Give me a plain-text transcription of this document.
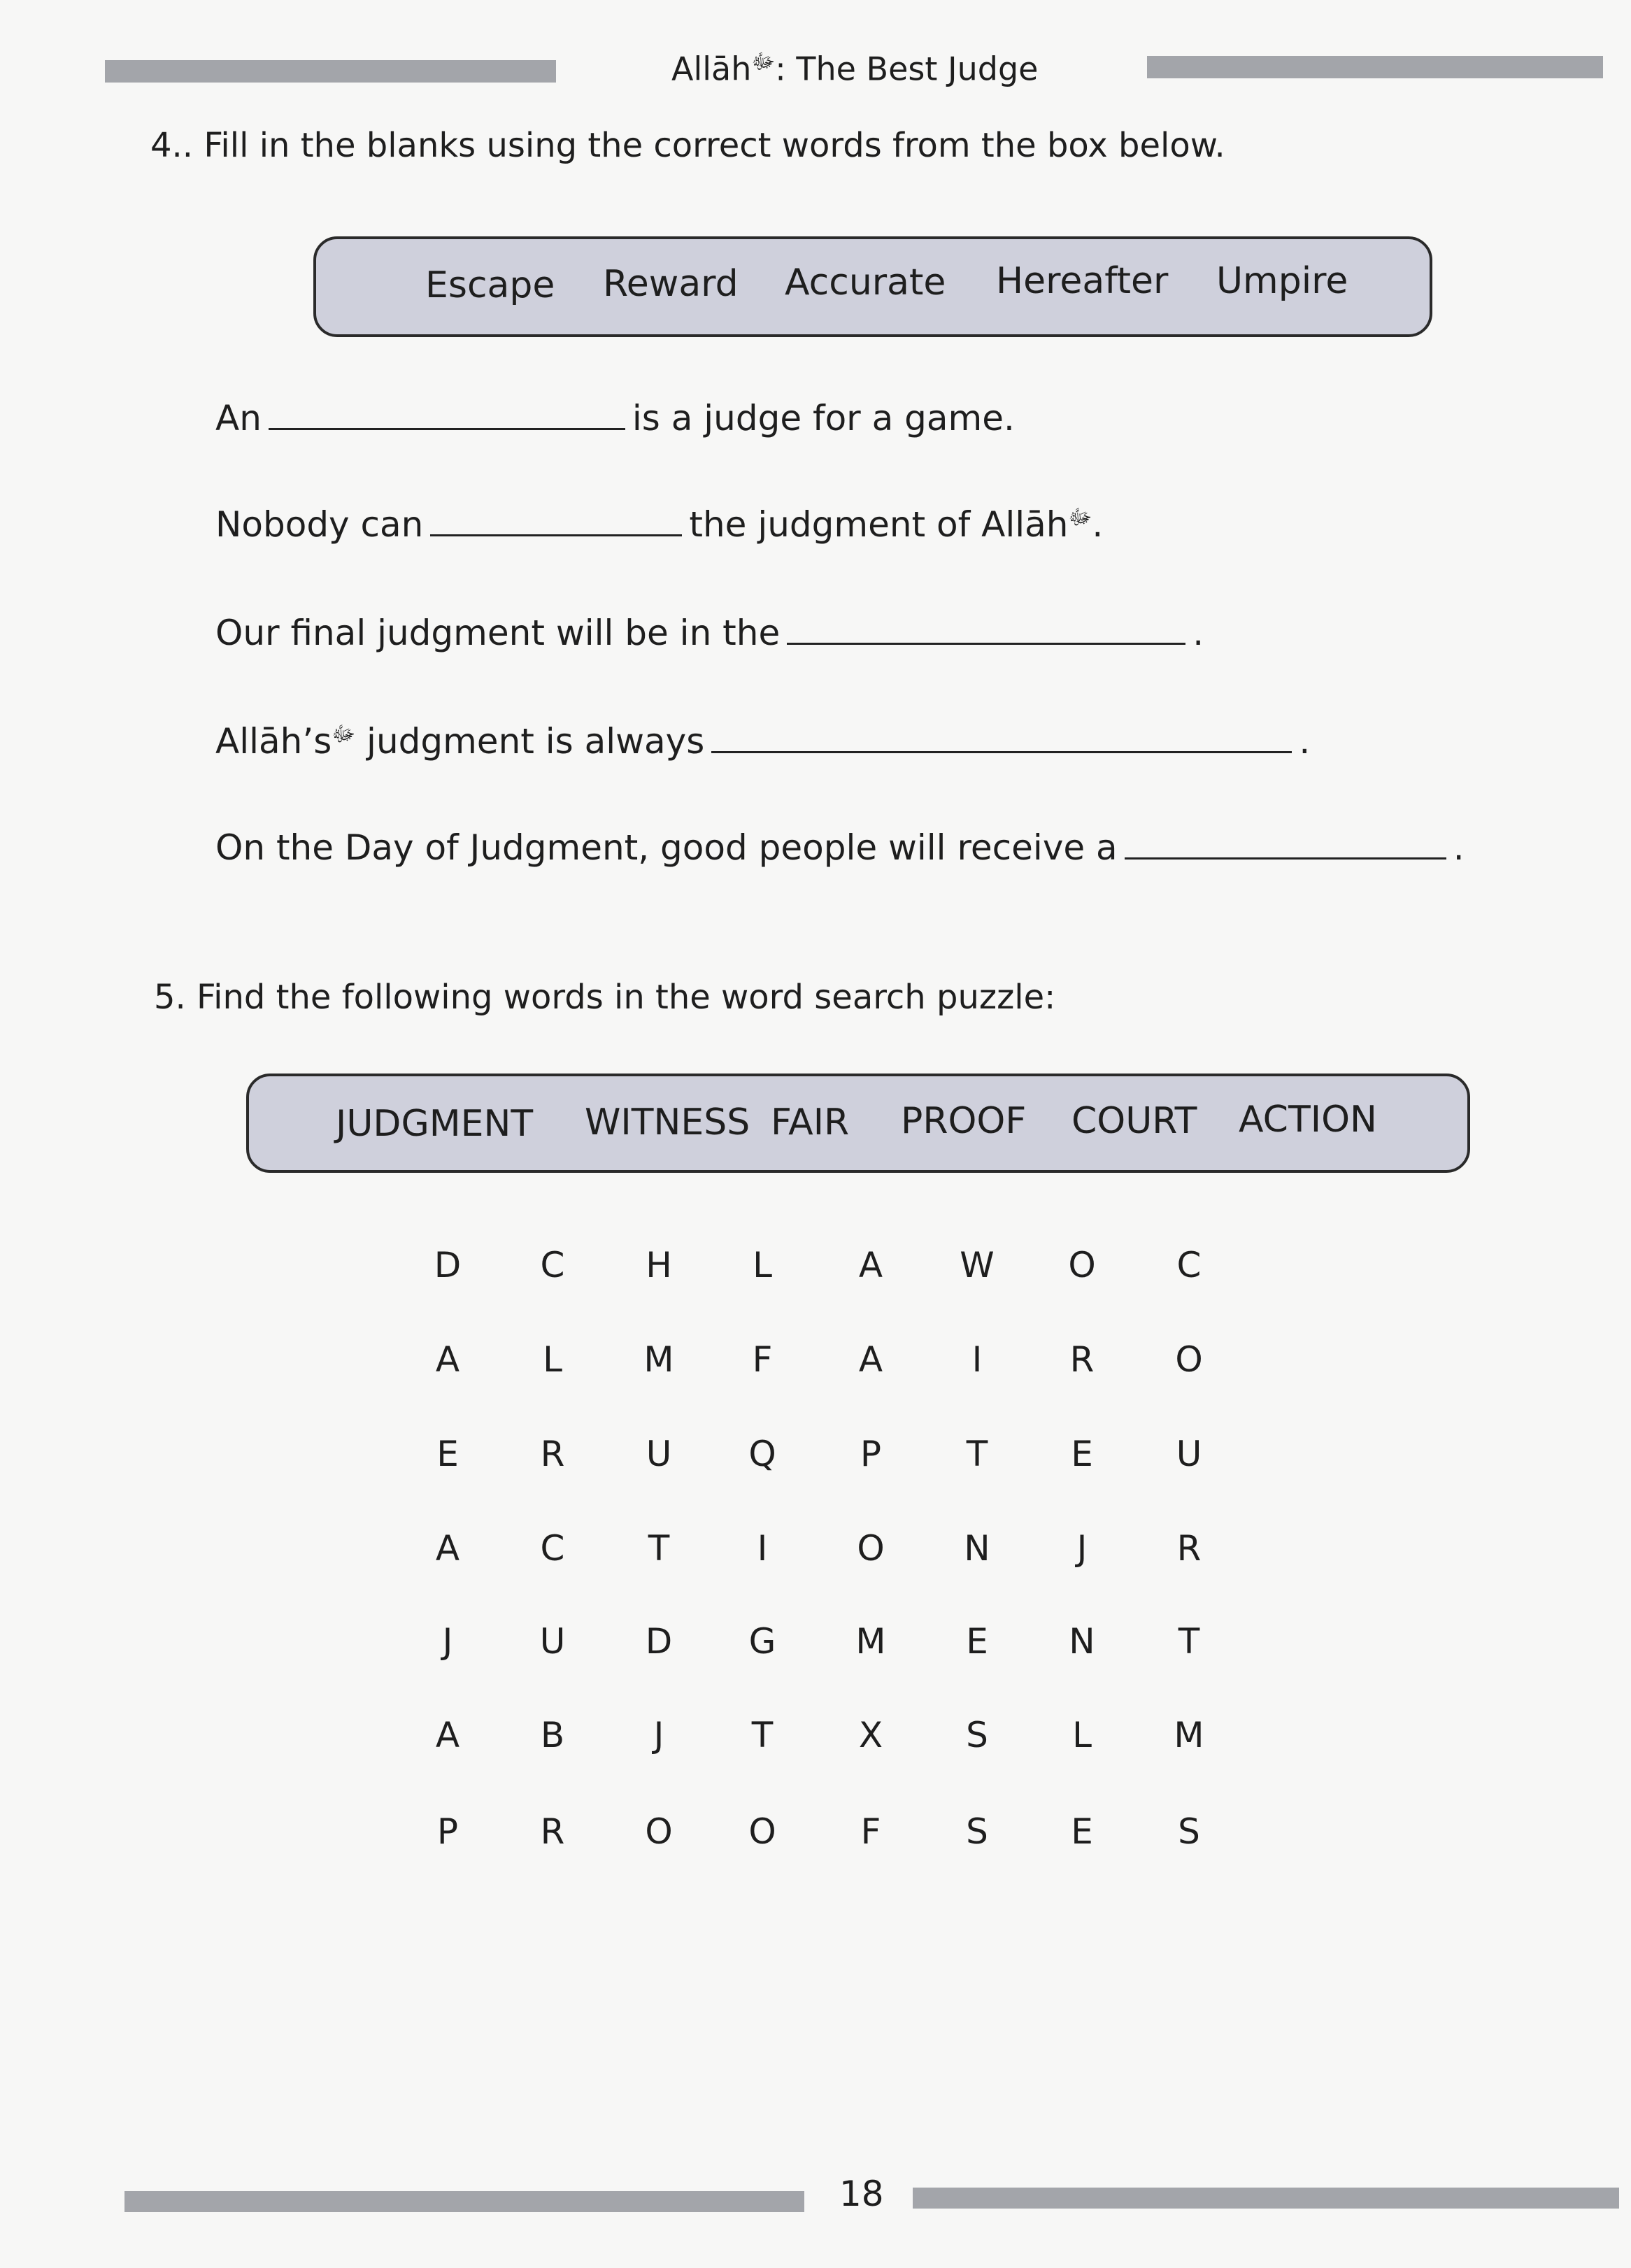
Allāh$^ﷻ$: The Best Judge
4.. Fill in the blanks using the correct words from the box below.
Escape Reward Accurate Hereafter Umpire
An	is a judge for a game.
Nobody can	the judgment of Allāh$^ﷻ$.
Our final judgment will be in the	.
$Allāh’s^ﷻ$ judgment is always	.
On the Day of Judgment, good people will receive a	.
5. Find the following words in the word search puzzle:
JUDGMENT WITNESS FAIR PROOF COURT ACTION
D C H	L	A W O C
A	L	M	F	A	I	R O
E R U Q P T E U
A C T	I	O N	J	R
J	U D G M E N T
A B	J	T X S	L	M
P R O O	F	S E S
18
